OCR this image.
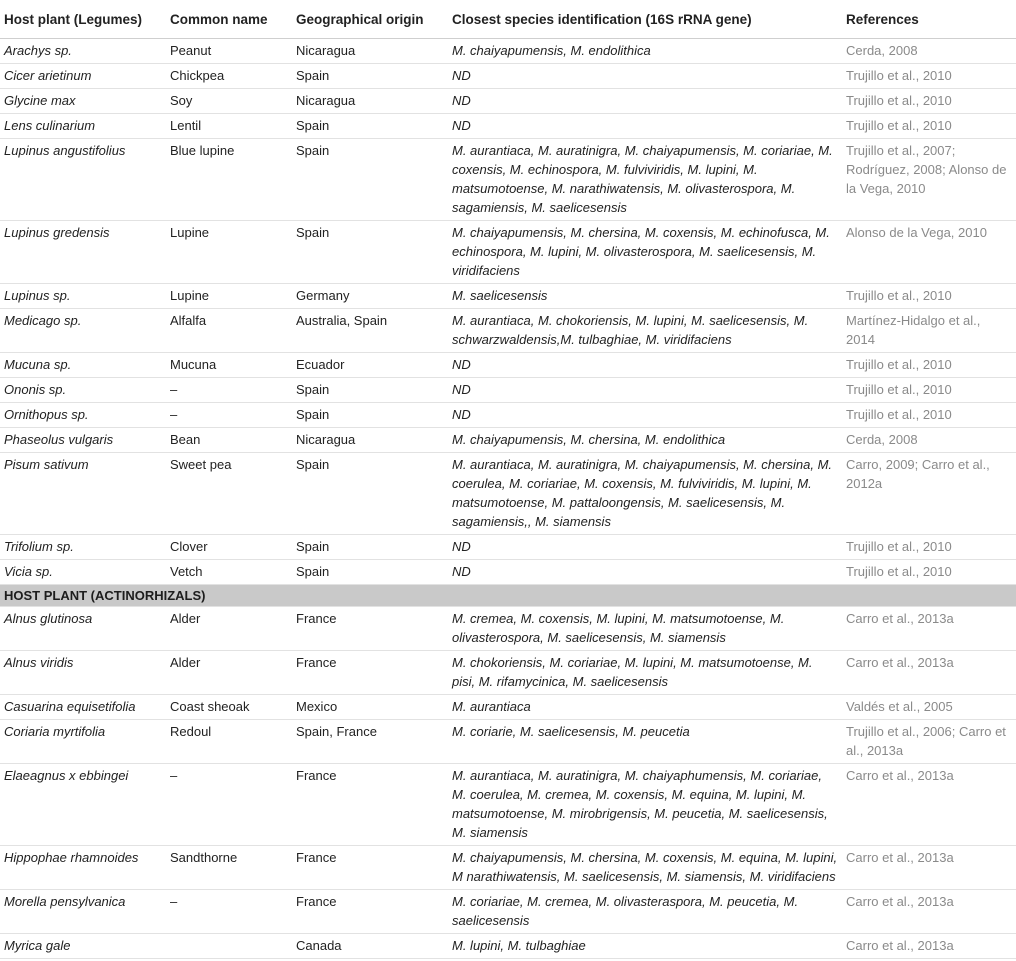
Host plant (Legumes)	Common name	Geographical origin	Closest species identification (16S rRNA gene)	References
Arachys sp.	Peanut	Nicaragua	M. chaiyapumensis, M. endolithica	Cerda, 2008
Cicer arietinum	Chickpea	Spain	ND	Trujillo et al., 2010
Glycine max	Soy	Nicaragua	ND	Trujillo et al., 2010
Lens culinarium	Lentil	Spain	ND	Trujillo et al., 2010
Lupinus angustifolius	Blue lupine	Spain	M. aurantiaca, M. auratinigra, M. chaiyapumensis, M. coriariae, M. coxensis, M. echinospora, M. fulviviridis, M. lupini, M. matsumotoense, M. narathiwatensis, M. olivasterospora, M. sagamiensis, M. saelicesensis	Trujillo et al., 2007; Rodríguez, 2008; Alonso de la Vega, 2010
Lupinus gredensis	Lupine	Spain	M. chaiyapumensis, M. chersina, M. coxensis, M. echinofusca, M. echinospora, M. lupini, M. olivasterospora, M. saelicesensis, M. viridifaciens	Alonso de la Vega, 2010
Lupinus sp.	Lupine	Germany	M. saelicesensis	Trujillo et al., 2010
Medicago sp.	Alfalfa	Australia, Spain	M. aurantiaca, M. chokoriensis, M. lupini, M. saelicesensis, M. schwarzwaldensis,M. tulbaghiae, M. viridifaciens	Martínez-Hidalgo et al., 2014
Mucuna sp.	Mucuna	Ecuador	ND	Trujillo et al., 2010
Ononis sp.	–	Spain	ND	Trujillo et al., 2010
Ornithopus sp.	–	Spain	ND	Trujillo et al., 2010
Phaseolus vulgaris	Bean	Nicaragua	M. chaiyapumensis, M. chersina, M. endolithica	Cerda, 2008
Pisum sativum	Sweet pea	Spain	M. aurantiaca, M. auratinigra, M. chaiyapumensis, M. chersina, M. coerulea, M. coriariae, M. coxensis, M. fulviviridis, M. lupini, M. matsumotoense, M. pattaloongensis, M. saelicesensis, M. sagamiensis,, M. siamensis	Carro, 2009; Carro et al., 2012a
Trifolium sp.	Clover	Spain	ND	Trujillo et al., 2010
Vicia sp.	Vetch	Spain	ND	Trujillo et al., 2010
HOST PLANT (ACTINORHIZALS)				
Alnus glutinosa	Alder	France	M. cremea, M. coxensis, M. lupini, M. matsumotoense, M. olivasterospora, M. saelicesensis, M. siamensis	Carro et al., 2013a
Alnus viridis	Alder	France	M. chokoriensis, M. coriariae, M. lupini, M. matsumotoense, M. pisi, M. rifamycinica, M. saelicesensis	Carro et al., 2013a
Casuarina equisetifolia	Coast sheoak	Mexico	M. aurantiaca	Valdés et al., 2005
Coriaria myrtifolia	Redoul	Spain, France	M. coriarie, M. saelicesensis, M. peucetia	Trujillo et al., 2006; Carro et al., 2013a
Elaeagnus x ebbingei	–	France	M. aurantiaca, M. auratinigra, M. chaiyaphumensis, M. coriariae, M. coerulea, M. cremea, M. coxensis, M. equina, M. lupini, M. matsumotoense, M. mirobrigensis, M. peucetia, M. saelicesensis, M. siamensis	Carro et al., 2013a
Hippophae rhamnoides	Sandthorne	France	M. chaiyapumensis, M. chersina, M. coxensis, M. equina, M. lupini, M narathiwatensis, M. saelicesensis, M. siamensis, M. viridifaciens	Carro et al., 2013a
Morella pensylvanica	–	France	M. coriariae, M. cremea, M. olivasteraspora, M. peucetia, M. saelicesensis	Carro et al., 2013a
Myrica gale		Canada	M. lupini, M. tulbaghiae	Carro et al., 2013a
